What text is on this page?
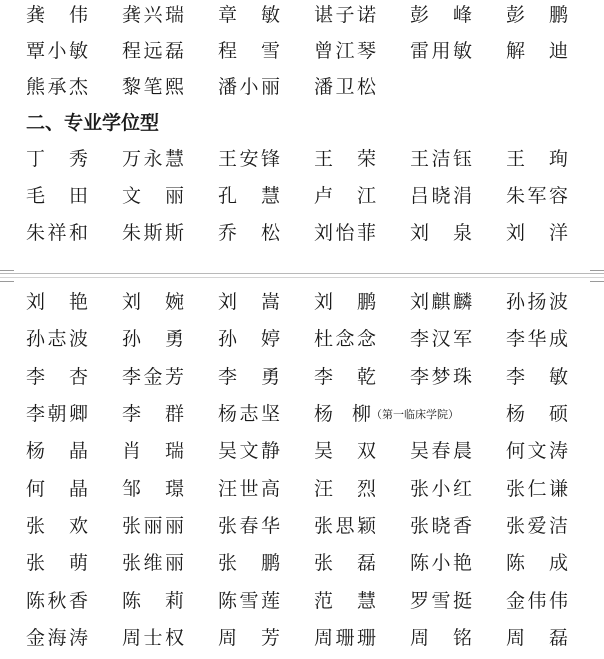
龚　伟 龚兴瑞 章　敏 谌子诺 彭　峰 彭　鹏
覃小敏 程远磊 程　雪 曾江琴 雷用敏 解　迪
熊承杰 黎笔熙 潘小丽 潘卫松
二、专业学位型
丁　秀 万永慧 王安锋 王　荣 王洁钰 王　珣
毛　田 文　丽 孔　慧 卢　江 吕晓涓 朱军容
朱祥和 朱斯斯 乔　松 刘怡菲 刘　泉 刘　洋
刘　艳 刘　婉 刘　嵩 刘　鹏 刘麒麟 孙扬波
孙志波 孙　勇 孙　婷 杜念念 李汉军 李华成
李　杏 李金芳 李　勇 李　乾 李梦珠 李　敏
李朝卿 李　群 杨志坚 杨　柳（第一临床学院）	杨　硕
杨　晶 肖　瑞 吴文静 吴　双 吴春晨 何文涛
何　晶 邹　璟 汪世高 汪　烈 张小红 张仁谦
张　欢 张丽丽 张春华 张思颖 张晓香 张爱洁
张　萌 张维丽 张　鹏 张　磊 陈小艳 陈　成
陈秋香 陈　莉 陈雪莲 范　慧 罗雪挺 金伟伟
金海涛 周士权 周　芳 周珊珊 周　铭 周　磊
